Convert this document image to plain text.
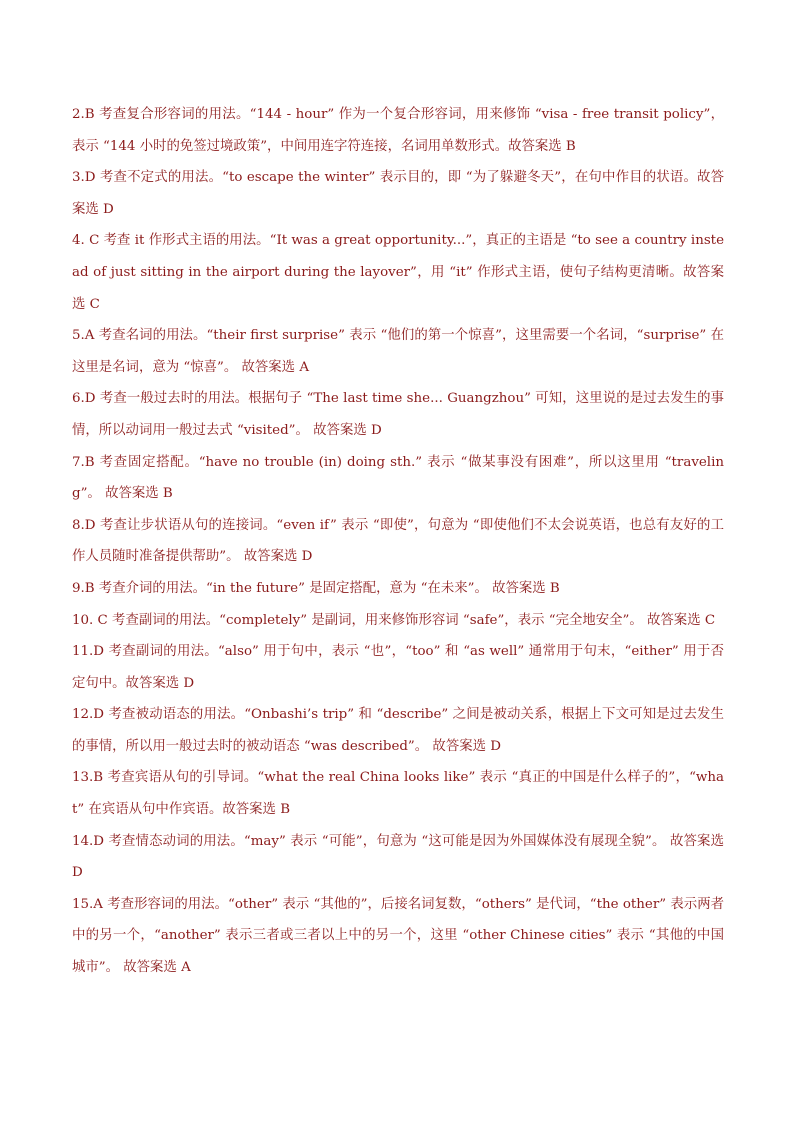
2.B 考查复合形容词的用法。“144 - hour” 作为一个复合形容词，用来修饰 “visa - free transit policy”，表示 “144 小时的免签过境政策”，中间用连字符连接，名词用单数形式。故答案选 B

3.D 考查不定式的用法。“to escape the winter” 表示目的，即 “为了躲避冬天”，在句中作目的状语。故答案选 D

4. C 考查 it 作形式主语的用法。“It was a great opportunity...”，真正的主语是 “to see a country instead of just sitting in the airport during the layover”，用 “it” 作形式主语，使句子结构更清晰。故答案选 C

5.A 考查名词的用法。“their first surprise” 表示 “他们的第一个惊喜”，这里需要一个名词，“surprise” 在这里是名词，意为 “惊喜”。 故答案选 A

6.D 考查一般过去时的用法。根据句子 “The last time she... Guangzhou” 可知，这里说的是过去发生的事情，所以动词用一般过去式 “visited”。 故答案选 D

7.B 考查固定搭配。“have no trouble (in) doing sth.” 表示 “做某事没有困难”，所以这里用 “traveling”。 故答案选 B

8.D 考查让步状语从句的连接词。“even if” 表示 “即使”，句意为 “即使他们不太会说英语，也总有友好的工作人员随时准备提供帮助”。 故答案选 D

9.B 考查介词的用法。“in the future” 是固定搭配，意为 “在未来”。 故答案选 B

10. C 考查副词的用法。“completely” 是副词，用来修饰形容词 “safe”，表示 “完全地安全”。 故答案选 C

11.D 考查副词的用法。“also” 用于句中，表示 “也”，“too” 和 “as well” 通常用于句末，“either” 用于否定句中。故答案选 D

12.D 考查被动语态的用法。“Onbashi’s trip” 和 “describe” 之间是被动关系，根据上下文可知是过去发生的事情，所以用一般过去时的被动语态 “was described”。 故答案选 D

13.B 考查宾语从句的引导词。“what the real China looks like” 表示 “真正的中国是什么样子的”，“what” 在宾语从句中作宾语。故答案选 B

14.D 考查情态动词的用法。“may” 表示 “可能”，句意为 “这可能是因为外国媒体没有展现全貌”。 故答案选 D

15.A 考查形容词的用法。“other” 表示 “其他的”，后接名词复数，“others” 是代词，“the other” 表示两者中的另一个，“another” 表示三者或三者以上中的另一个，这里 “other Chinese cities” 表示 “其他的中国城市”。 故答案选 A
